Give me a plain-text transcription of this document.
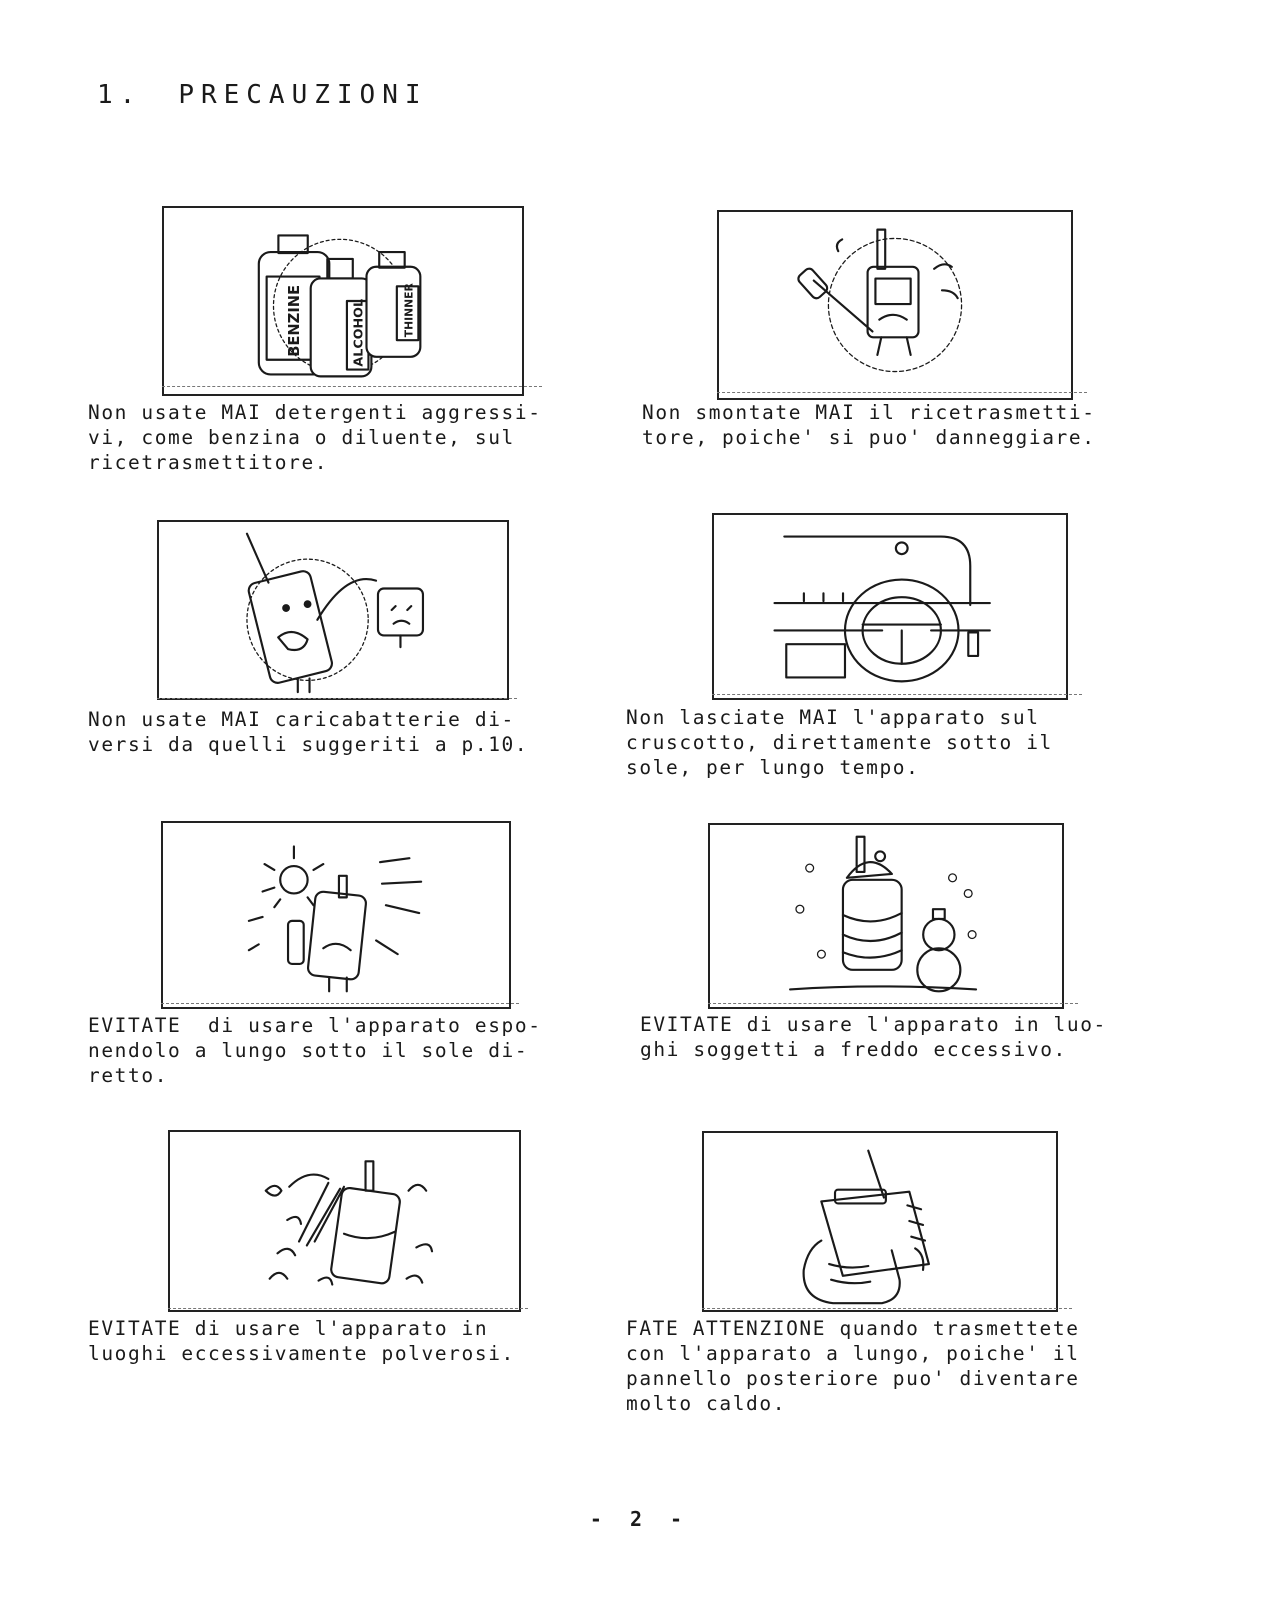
1. PRECAUZIONI
BENZINE	ALCOHOL	THINNER
Non usate MAI detergenti aggressi-
vi, come benzina o diluente, sul
ricetrasmettitore.
Non smontate MAI il ricetrasmetti-
tore, poiche' si puo' danneggiare.
Non usate MAI caricabatterie di-
versi da quelli suggeriti a p.10.
Non lasciate MAI l'apparato sul
cruscotto, direttamente sotto il
sole, per lungo tempo.
EVITATE  di usare l'apparato espo-
nendolo a lungo sotto il sole di-
retto.
EVITATE di usare l'apparato in luo-
ghi soggetti a freddo eccessivo.
EVITATE di usare l'apparato in
luoghi eccessivamente polverosi.
FATE ATTENZIONE quando trasmettete
con l'apparato a lungo, poiche' il
pannello posteriore puo' diventare
molto caldo.
- 2 -
